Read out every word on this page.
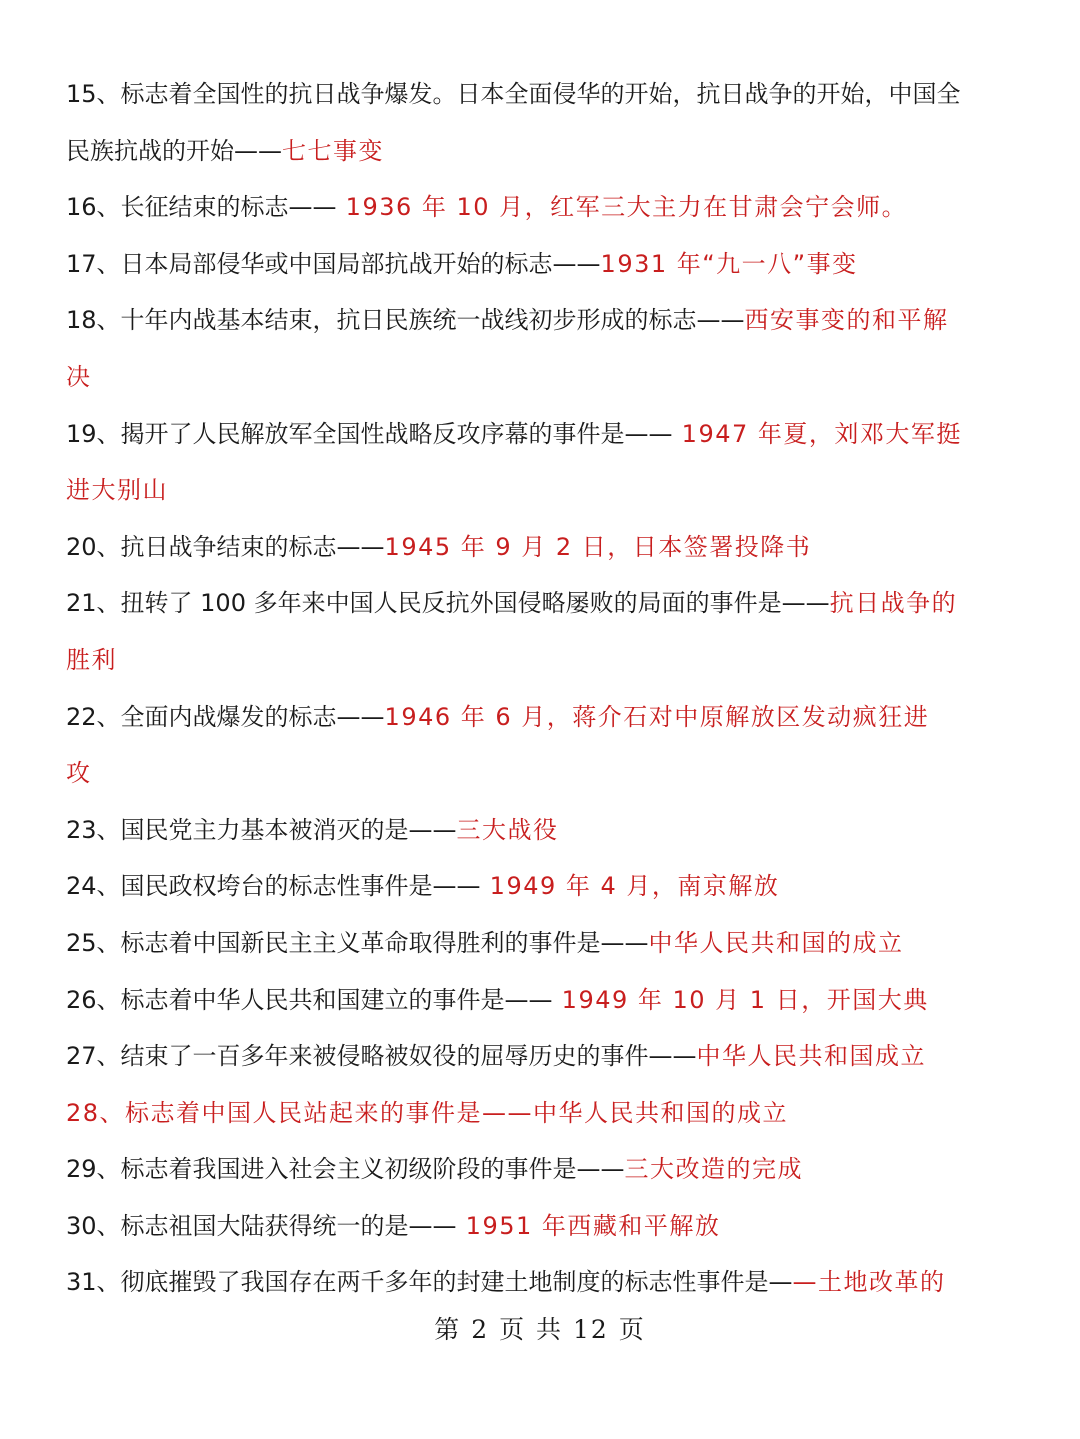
15、标志着全国性的抗日战争爆发。日本全面侵华的开始，抗日战争的开始，中国全
民族抗战的开始——七七事变
16、长征结束的标志—— 1936 年 10 月，红军三大主力在甘肃会宁会师。
17、日本局部侵华或中国局部抗战开始的标志——1931 年“九一八”事变
18、十年内战基本结束，抗日民族统一战线初步形成的标志——西安事变的和平解
决
19、揭开了人民解放军全国性战略反攻序幕的事件是—— 1947 年夏，刘邓大军挺
进大别山
20、抗日战争结束的标志——1945 年 9 月 2 日，日本签署投降书
21、扭转了 100 多年来中国人民反抗外国侵略屡败的局面的事件是——抗日战争的
胜利
22、全面内战爆发的标志——1946 年 6 月，蒋介石对中原解放区发动疯狂进
攻
23、国民党主力基本被消灭的是——三大战役
24、国民政权垮台的标志性事件是—— 1949 年 4 月，南京解放
25、标志着中国新民主主义革命取得胜利的事件是——中华人民共和国的成立
26、标志着中华人民共和国建立的事件是—— 1949 年 10 月 1 日，开国大典
27、结束了一百多年来被侵略被奴役的屈辱历史的事件——中华人民共和国成立
28、标志着中国人民站起来的事件是——中华人民共和国的成立
29、标志着我国进入社会主义初级阶段的事件是——三大改造的完成
30、标志祖国大陆获得统一的是—— 1951 年西藏和平解放
31、彻底摧毁了我国存在两千多年的封建土地制度的标志性事件是——土地改革的
第 2 页 共 12 页
